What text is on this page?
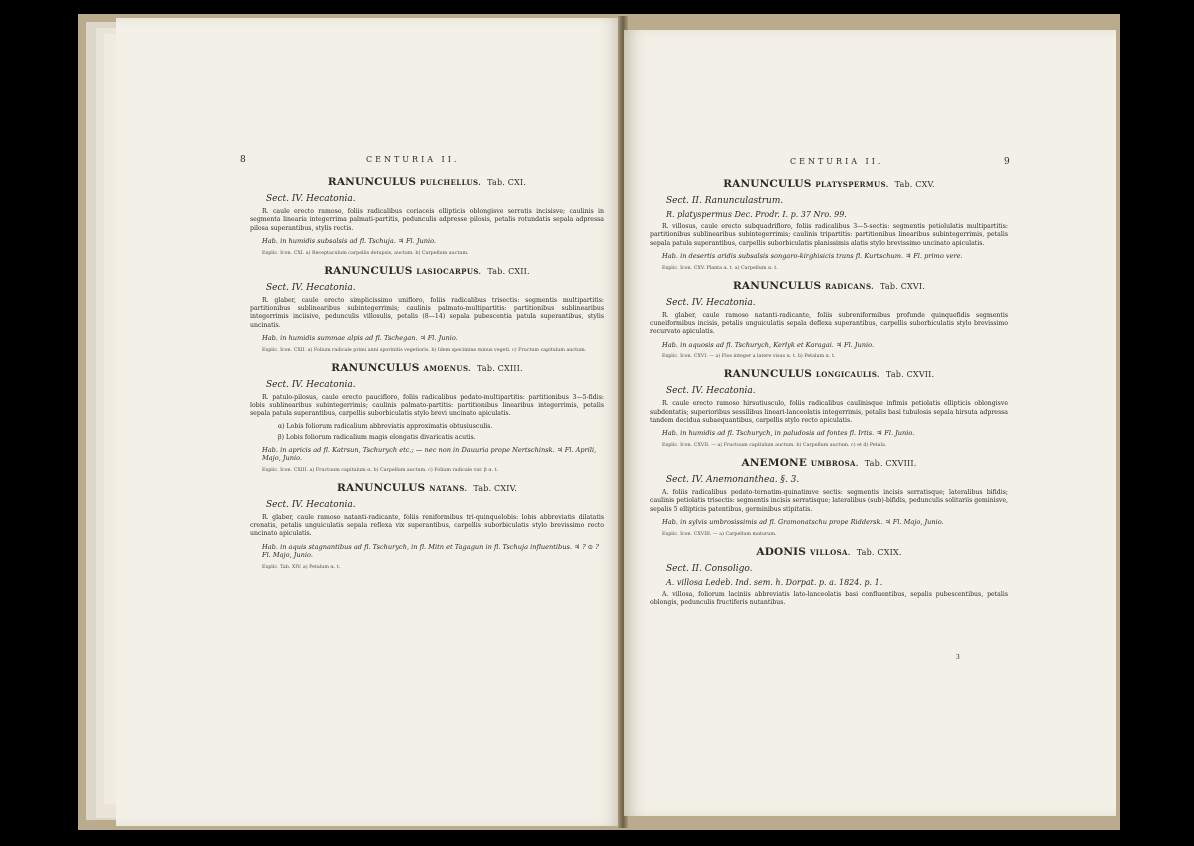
8	CENTURIA II.
RANUNCULUS PULCHELLUS. Tab. CXI.
Sect. IV. Hecatonia.
R. caule erecto ramoso, foliis radicalibus coriaceis ellipticis oblongisve serratis incisisve; caulinis in segmenta linearia integerrima palmati-partitis, pedunculis adpresse pilosis, petalis rotundatis sepala adpressa pilosa superantibus, stylis rectis.
Hab. in humidis subsalsis ad fl. Tschuja. ♃ Fl. Junio.
Explic. Icon. CXI. a) Receptaculum carpellis detupsis, auctum. b) Carpellum auctum.
RANUNCULUS LASIOCARPUS. Tab. CXII.
Sect. IV. Hecatonia.
R. glaber, caule erecto simplicissimo unifloro, foliis radicalibus trisectis: segmentis multipartitis: partitionibus sublinearibus subintegerrimis; caulinis palmato-multipartitis: partitionibus sublinearibus integerrimis inciisive, pedunculis villosulis, petalis (8—14) sepala pubescentia patula superantibus, stylis uncinatis.
Hab. in humidis summae alpis ad fl. Tschegan. ♃ Fl. Junio.
Explic. Icon. CXII. a) Folium radicale primi anni sporinitis vegetioris. b) Idem specimine minus vegeti. c) Fructum capitulum auctum.
RANUNCULUS AMOENUS. Tab. CXIII.
Sect. IV. Hecatonia.
R. patulo-pilosus, caule erecto paucifloro, foliis radicalibus pedato-multipartitis: partitionibus 3—5-fidis: lobis sublinearibus subintegerrimis; caulinis palmato-partitis: partitionibus linearibus integerrimis, petalis sepala patula superantibus, carpellis suborbiculatis stylo brevi uncinato apiculatis.
α) Lobis foliorum radicalium abbreviatis approximatis obtusiusculis.
β) Lobis foliorum radicalium magis elongatis divaricatis acutis.
Hab. in apricis ad fl. Katrsun, Tschurych etc.; — nec non in Dauuria prope Nertschinsk. ♃ Fl. Aprili, Majo, Junio.
Explic. Icon. CXIII. a) Fructuum capitulum α. b) Carpellum auctum. c) Folium radicale var. β α. t.
RANUNCULUS NATANS. Tab. CXIV.
Sect. IV. Hecatonia.
R. glaber, caule ramoso natanti-radicante, foliis reniformibus tri-quinquelobis: lobis abbreviatis dilatatis crenatis, petalis unguiculatis sepala reflexa vix superantibus, carpellis suborbiculatis stylo brevissimo recto uncinato apiculatis.
Hab. in aquis stagnantibus ad fl. Tschurych, in fl. Mitn et Tagagun in fl. Tschuja influentibus. ♃ ? ⊙ ? Fl. Majo, Junio.
Explic. Tab. XIV. a) Petalum α. t.
CENTURIA II.	9
RANUNCULUS PLATYSPERMUS. Tab. CXV.
Sect. II. Ranunculastrum.
R. platyspermus Dec. Prodr. I. p. 37 Nro. 99.
R. villosus, caule erecto subquadrifloro, foliis radicalibus 3—5-sectis: segmentis petiolulatis multipartitis: partitionibus sublinearibus subintegerrimis; caulinis tripartitis: partitionibus linearibus subintegerrimis, petalis sepala patula superantibus, carpellis suborbiculatis planissimis alatis stylo brevissimo uncinato apiculatis.
Hab. in desertis aridis subsalsis songaro-kirghisicis trans fl. Kurtschum. ♃ Fl. primo vere.
Explic. Icon. CXV. Planta α. t. a) Carpellum α. t.
RANUNCULUS RADICANS. Tab. CXVI.
Sect. IV. Hecatonia.
R. glaber, caule ramoso natanti-radicante, foliis subreniformibus profunde quinquefidis segmentis cuneiformibus incisis, petalis unguiculatis sepala deflexa superantibus, carpellis suborbiculatis stylo brevissimo recurvato apiculatis.
Hab. in aquosis ad fl. Tschurych, Kerlyk et Karagai. ♃ Fl. Junio.
Explic. Icon. CXVI. — a) Flos integer a latere visus α. t. b) Petalum α. t.
RANUNCULUS LONGICAULIS. Tab. CXVII.
Sect. IV. Hecatonia.
R. caule erecto ramoso hirsutiusculo, foliis radicalibus caulinisque infimis petiolatis ellipticis oblongisve subdentatis; superioribus sessilibus lineari-lanceolatis integerrimis, petalis basi tubulosis sepala hirsuta adpressa tandem decidua subaequantibus, carpellis stylo recto apiculatis.
Hab. in humidis ad fl. Tschurych, in paludosis ad fontes fl. Irtis. ♃ Fl. Junio.
Explic. Icon. CXVII. — a) Fructuum capitulum auctum. b) Carpellum auctum. c) et d) Petala.
ANEMONE UMBROSA. Tab. CXVIII.
Sect. IV. Anemonanthea. §. 3.
A. foliis radicalibus pedato-ternatim-quinatimve sectis: segmentis incisis serratisque; lateralibus bifidis; caulinis petiolatis trisectis: segmentis incisis serratisque; lateralibus (sub)-bifidis, pedunculis solitariis geminisve, sepalis 5 ellipticis patentibus, germinibus stipitatis.
Hab. in sylvis umbrosissimis ad fl. Gramonatschu prope Riddersk. ♃ Fl. Majo, Junio.
Explic. Icon. CXVIII. — a) Carpellum maturum.
ADONIS VILLOSA. Tab. CXIX.
Sect. II. Consoligo.
A. villosa Ledeb. Ind. sem. h. Dorpat. p. a. 1824. p. 1.
A. villosa, foliorum laciniis abbreviatis lato-lanceolatis basi confluentibus, sepalis pubescentibus, petalis oblongis, pedunculis fructiferis nutantibus.
3
